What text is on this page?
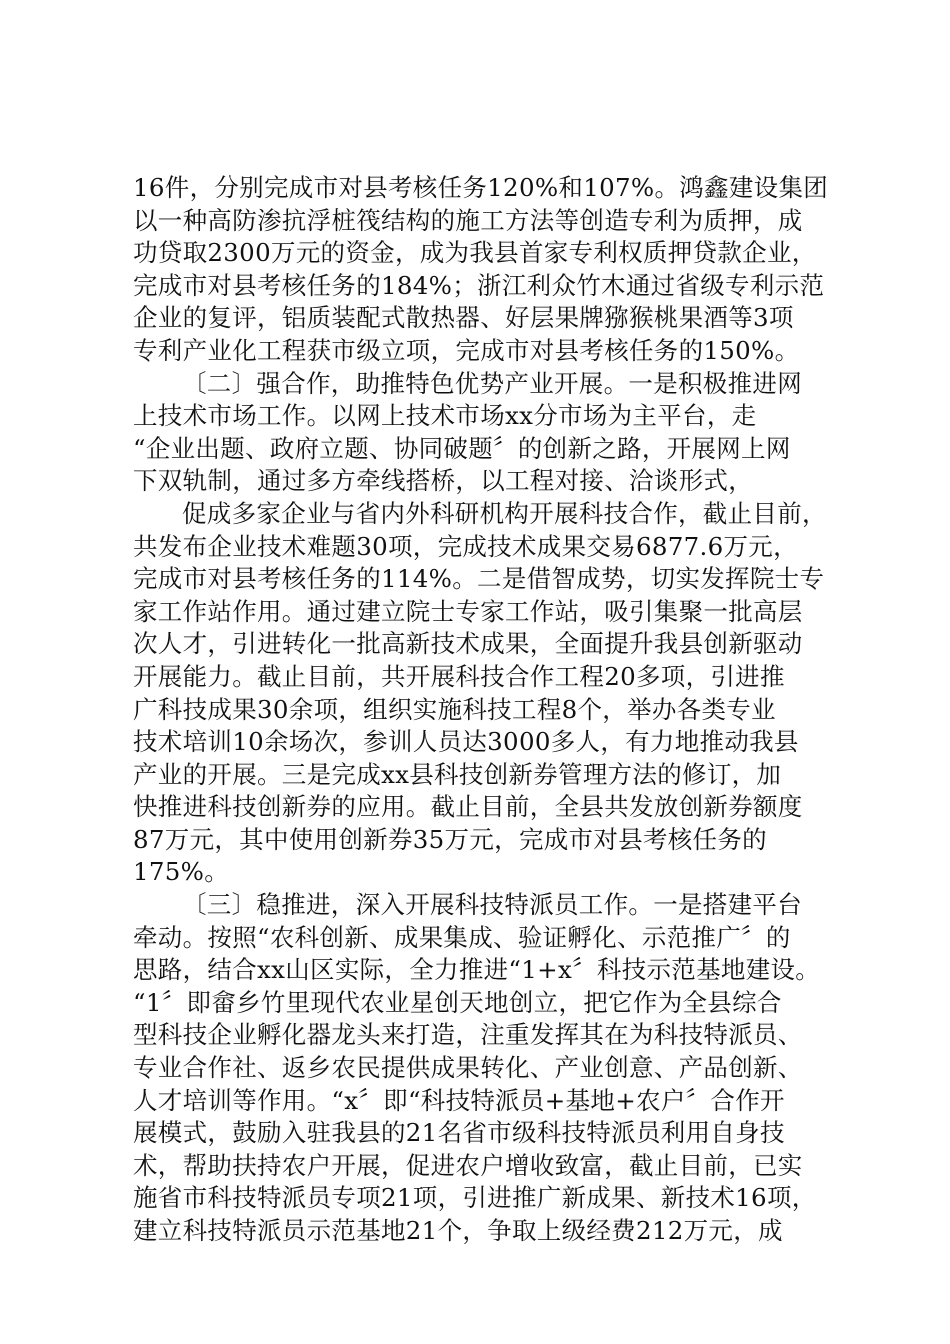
16件，分别完成市对县考核任务120%和107%。鸿鑫建设集团
以一种高防渗抗浮桩筏结构的施工方法等创造专利为质押，成
功贷取2300万元的资金，成为我县首家专利权质押贷款企业，
完成市对县考核任务的184%；浙江利众竹木通过省级专利示范
企业的复评，铝质装配式散热器、好层果牌猕猴桃果酒等3项
专利产业化工程获市级立项，完成市对县考核任务的150%。
〔二〕强合作，助推特色优势产业开展。一是积极推进网
上技术市场工作。以网上技术市场xx分市场为主平台，走
“企业出题、政府立题、协同破题〞的创新之路，开展网上网
下双轨制，通过多方牵线搭桥，以工程对接、洽谈形式，
促成多家企业与省内外科研机构开展科技合作，截止目前，
共发布企业技术难题30项，完成技术成果交易6877.6万元，
完成市对县考核任务的114%。二是借智成势，切实发挥院士专
家工作站作用。通过建立院士专家工作站，吸引集聚一批高层
次人才，引进转化一批高新技术成果，全面提升我县创新驱动
开展能力。截止目前，共开展科技合作工程20多项，引进推
广科技成果30余项，组织实施科技工程8个，举办各类专业
技术培训10余场次，参训人员达3000多人，有力地推动我县
产业的开展。三是完成xx县科技创新券管理方法的修订，加
快推进科技创新券的应用。截止目前，全县共发放创新券额度
87万元，其中使用创新券35万元，完成市对县考核任务的
175%。
〔三〕稳推进，深入开展科技特派员工作。一是搭建平台
牵动。按照“农科创新、成果集成、验证孵化、示范推广〞的
思路，结合xx山区实际，全力推进“1+x〞科技示范基地建设。
“1〞即畲乡竹里现代农业星创天地创立，把它作为全县综合
型科技企业孵化器龙头来打造，注重发挥其在为科技特派员、
专业合作社、返乡农民提供成果转化、产业创意、产品创新、
人才培训等作用。“x〞即“科技特派员+基地+农户〞合作开
展模式，鼓励入驻我县的21名省市级科技特派员利用自身技
术，帮助扶持农户开展，促进农户增收致富，截止目前，已实
施省市科技特派员专项21项，引进推广新成果、新技术16项，
建立科技特派员示范基地21个，争取上级经费212万元，成
